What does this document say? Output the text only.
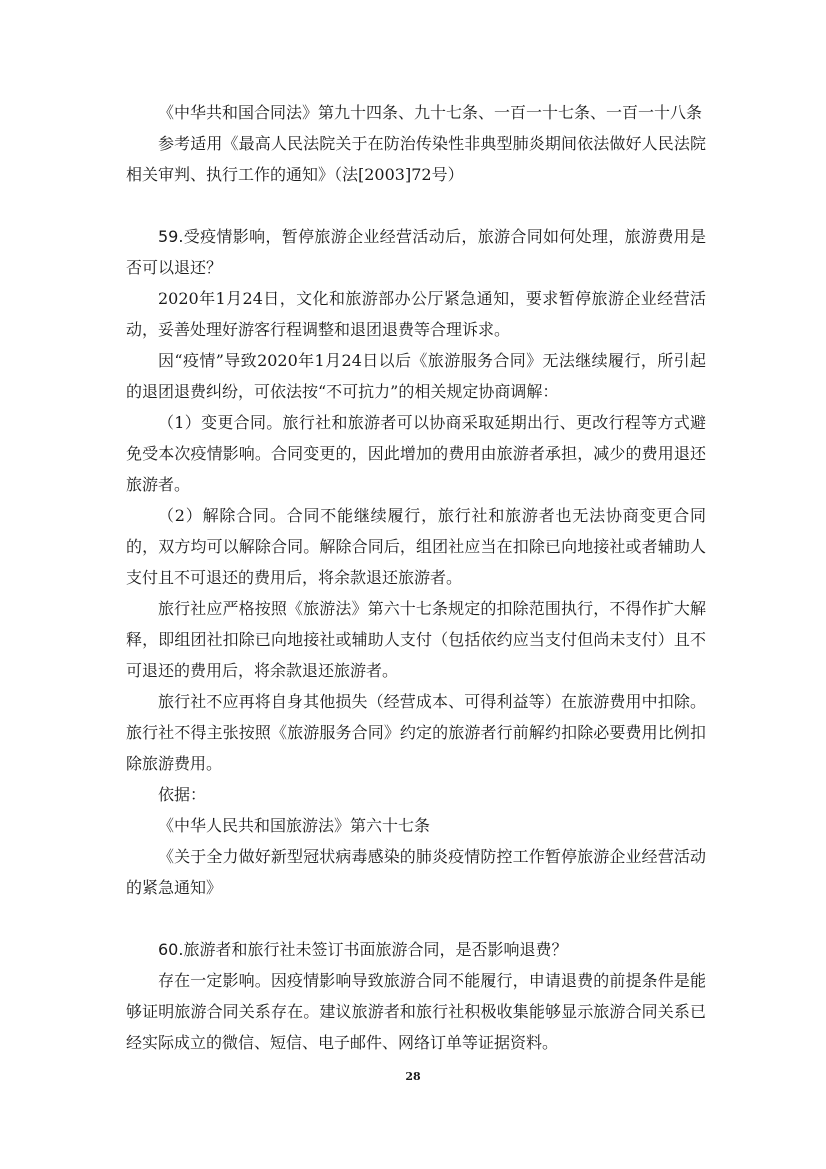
《中华共和国合同法》第九十四条、九十七条、一百一十七条、一百一十八条

参考适用《最高人民法院关于在防治传染性非典型肺炎期间依法做好人民法院相关审判、执行工作的通知》（法[2003]72号）

59.受疫情影响，暂停旅游企业经营活动后，旅游合同如何处理，旅游费用是否可以退还？

2020年1月24日，文化和旅游部办公厅紧急通知，要求暂停旅游企业经营活动，妥善处理好游客行程调整和退团退费等合理诉求。

因“疫情”导致2020年1月24日以后《旅游服务合同》无法继续履行，所引起的退团退费纠纷，可依法按“不可抗力”的相关规定协商调解：

（1）变更合同。旅行社和旅游者可以协商采取延期出行、更改行程等方式避免受本次疫情影响。合同变更的，因此增加的费用由旅游者承担，减少的费用退还旅游者。

（2）解除合同。合同不能继续履行，旅行社和旅游者也无法协商变更合同的，双方均可以解除合同。解除合同后，组团社应当在扣除已向地接社或者辅助人支付且不可退还的费用后，将余款退还旅游者。

旅行社应严格按照《旅游法》第六十七条规定的扣除范围执行，不得作扩大解释，即组团社扣除已向地接社或辅助人支付（包括依约应当支付但尚未支付）且不可退还的费用后，将余款退还旅游者。

旅行社不应再将自身其他损失（经营成本、可得利益等）在旅游费用中扣除。旅行社不得主张按照《旅游服务合同》约定的旅游者行前解约扣除必要费用比例扣除旅游费用。

依据：

《中华人民共和国旅游法》第六十七条

《关于全力做好新型冠状病毒感染的肺炎疫情防控工作暂停旅游企业经营活动的紧急通知》

60.旅游者和旅行社未签订书面旅游合同，是否影响退费？

存在一定影响。因疫情影响导致旅游合同不能履行，申请退费的前提条件是能够证明旅游合同关系存在。建议旅游者和旅行社积极收集能够显示旅游合同关系已经实际成立的微信、短信、电子邮件、网络订单等证据资料。

28
